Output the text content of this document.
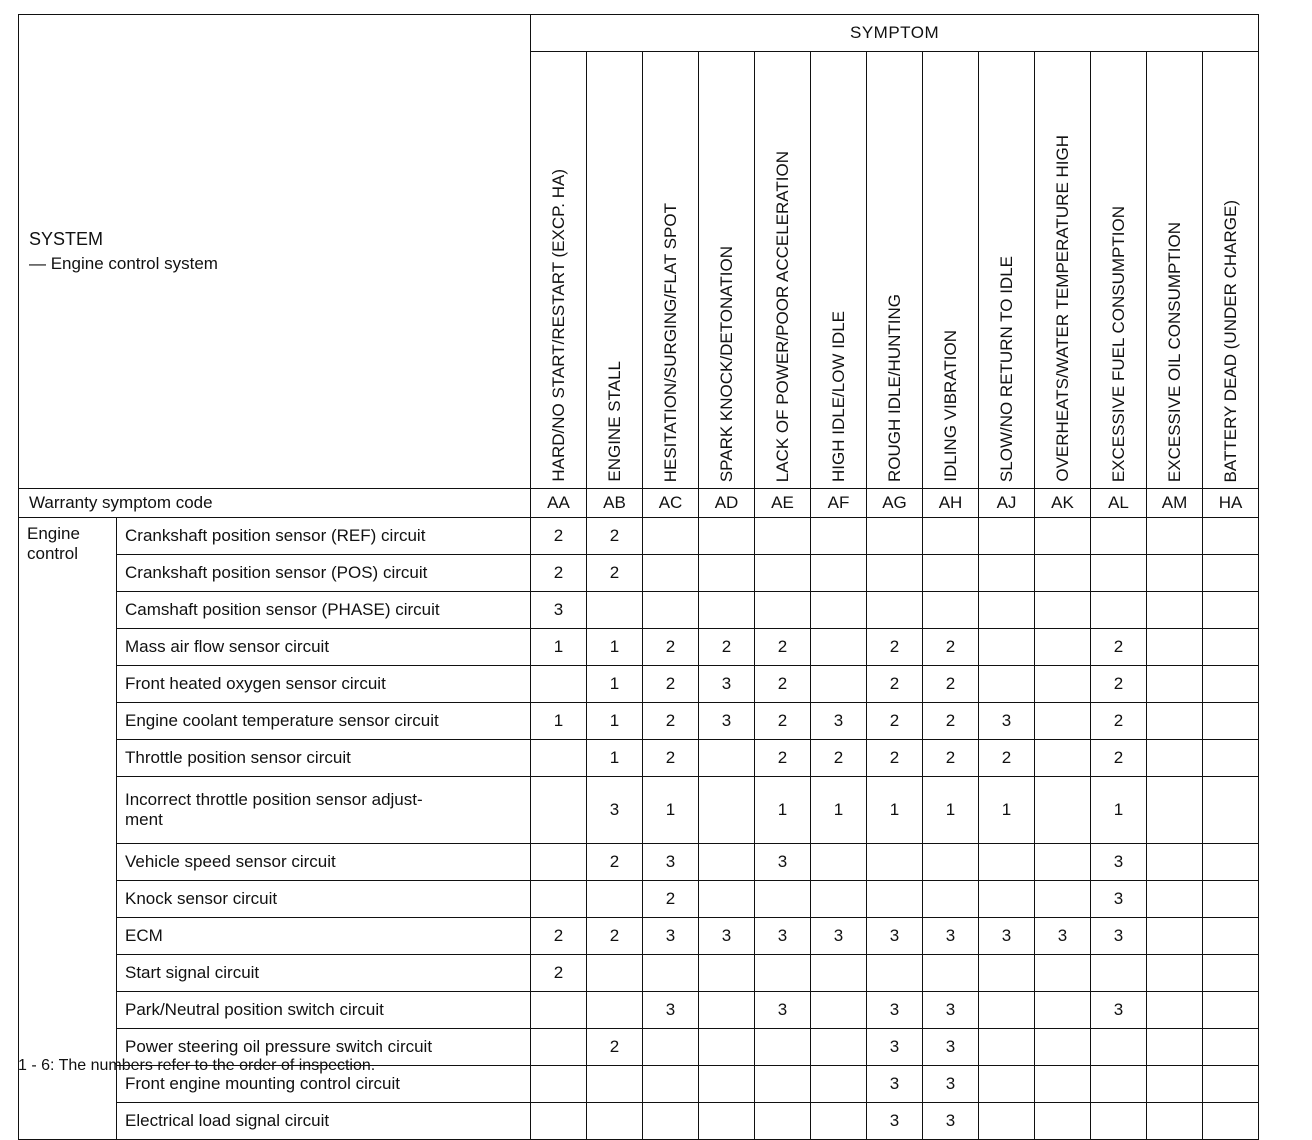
SYSTEM
— Engine control system		SYMPTOM												

		HARD/NO START/RESTART (EXCP. HA)	ENGINE STALL	HESITATION/SURGING/FLAT SPOT	SPARK KNOCK/DETONATION	LACK OF POWER/POOR ACCELERATION	HIGH IDLE/LOW IDLE	ROUGH IDLE/HUNTING	IDLING VIBRATION	SLOW/NO RETURN TO IDLE	OVERHEATS/WATER TEMPERATURE HIGH	EXCESSIVE FUEL CONSUMPTION	EXCESSIVE OIL CONSUMPTION	BATTERY DEAD (UNDER CHARGE)

Warranty symptom code		AA	AB	AC	AD	AE	AF	AG	AH	AJ	AK	AL	AM	HA
Engine
control	Crankshaft position sensor (REF) circuit	2	2											
	Crankshaft position sensor (POS) circuit	2	2											
	Camshaft position sensor (PHASE) circuit	3												
	Mass air flow sensor circuit	1	1	2	2	2		2	2			2		
	Front heated oxygen sensor circuit		1	2	3	2		2	2			2		
	Engine coolant temperature sensor circuit	1	1	2	3	2	3	2	2	3		2		
	Throttle position sensor circuit		1	2		2	2	2	2	2		2		
	Incorrect throttle position sensor adjust-
ment		3	1		1	1	1	1	1		1		
	Vehicle speed sensor circuit		2	3		3						3		
	Knock sensor circuit			2								3		
	ECM	2	2	3	3	3	3	3	3	3	3	3		
	Start signal circuit	2												
	Park/Neutral position switch circuit			3		3		3	3			3		
	Power steering oil pressure switch circuit		2					3	3					
	Front engine mounting control circuit							3	3					
	Electrical load signal circuit							3	3					
1 - 6: The numbers refer to the order of inspection.
